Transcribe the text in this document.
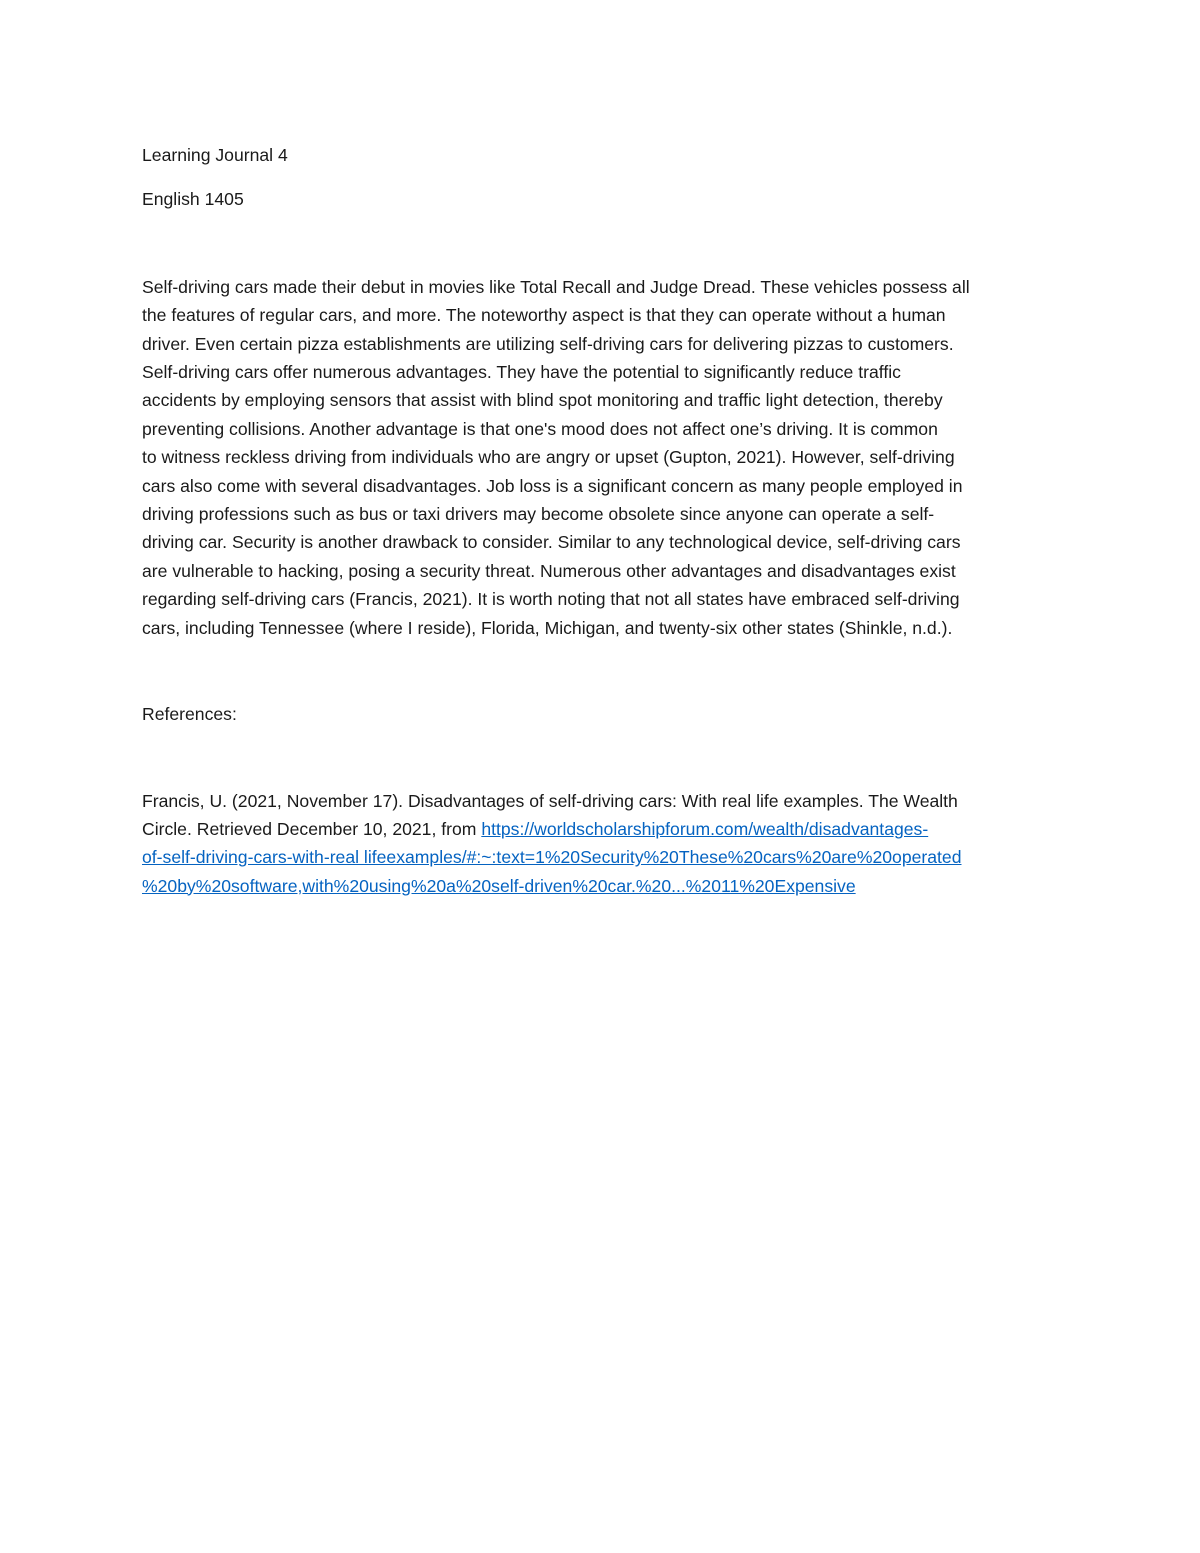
Learning Journal 4

English 1405

Self-driving cars made their debut in movies like Total Recall and Judge Dread. These vehicles possess all

the features of regular cars, and more. The noteworthy aspect is that they can operate without a human

driver. Even certain pizza establishments are utilizing self-driving cars for delivering pizzas to customers.

Self-driving cars offer numerous advantages. They have the potential to significantly reduce traffic

accidents by employing sensors that assist with blind spot monitoring and traffic light detection, thereby

preventing collisions. Another advantage is that one's mood does not affect one’s driving. It is common

to witness reckless driving from individuals who are angry or upset (Gupton, 2021). However, self-driving

cars also come with several disadvantages. Job loss is a significant concern as many people employed in

driving professions such as bus or taxi drivers may become obsolete since anyone can operate a self-

driving car. Security is another drawback to consider. Similar to any technological device, self-driving cars

are vulnerable to hacking, posing a security threat. Numerous other advantages and disadvantages exist

regarding self-driving cars (Francis, 2021). It is worth noting that not all states have embraced self-driving

cars, including Tennessee (where I reside), Florida, Michigan, and twenty-six other states (Shinkle, n.d.).

References:

Francis, U. (2021, November 17). Disadvantages of self-driving cars: With real life examples. The Wealth

Circle. Retrieved December 10, 2021, from https://worldscholarshipforum.com/wealth/disadvantages-

of-self-driving-cars-with-real lifeexamples/#:~:text=1%20Security%20These%20cars%20are%20operated

%20by%20software,with%20using%20a%20self-driven%20car.%20...%2011%20Expensive
